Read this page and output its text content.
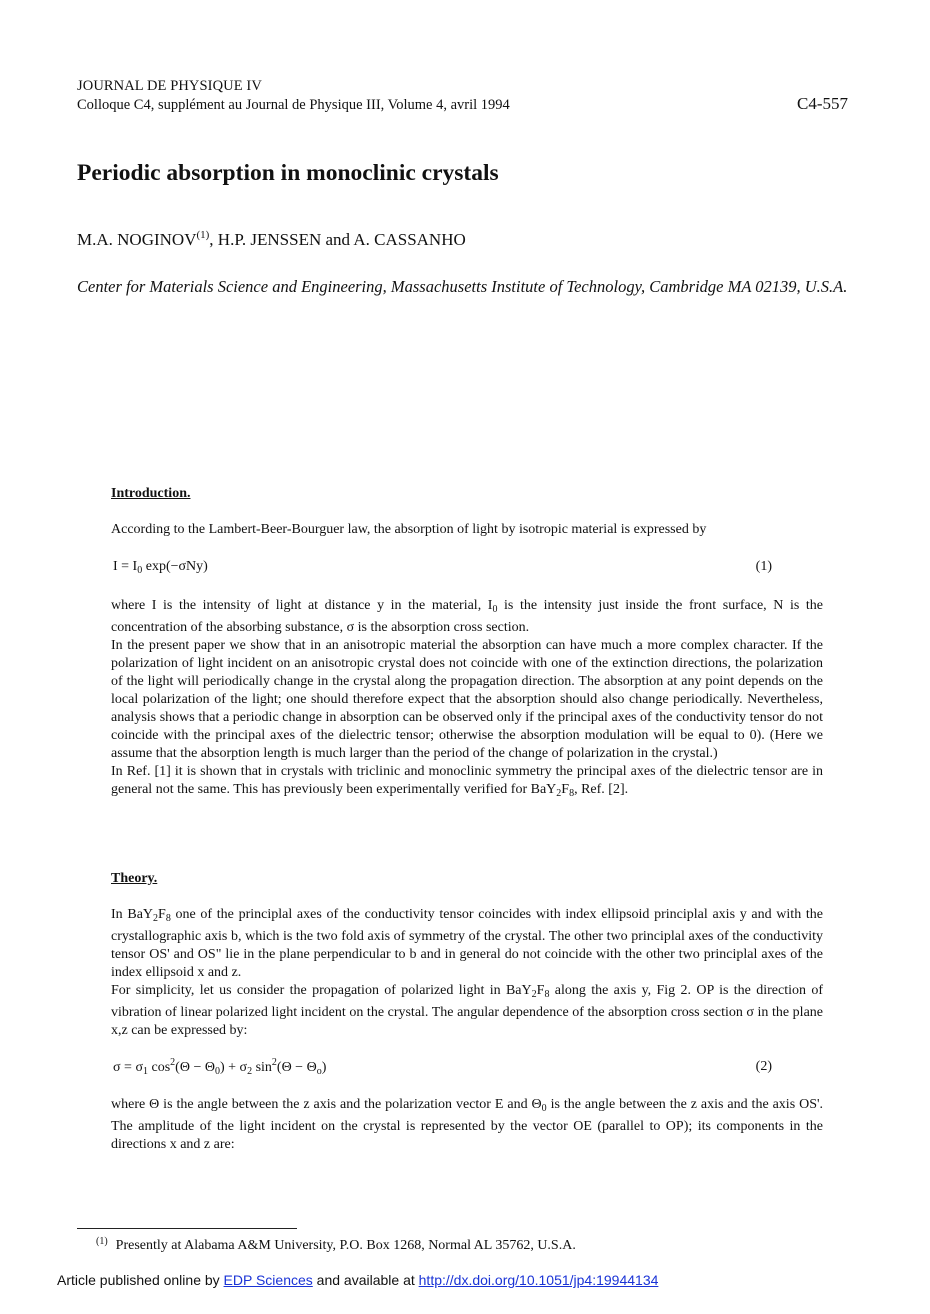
JOURNAL DE PHYSIQUE IV
Colloque C4, supplément au Journal de Physique III, Volume 4, avril 1994	C4-557
Periodic absorption in monoclinic crystals
M.A. NOGINOV$^{(1)}$, H.P. JENSSEN and A. CASSANHO
Center for Materials Science and Engineering, Massachusetts Institute of Technology, Cambridge MA 02139, U.S.A.
Introduction.
According to the Lambert-Beer-Bourguer law, the absorption of light by isotropic material is expressed by
$I = I_0$ exp(−σNy)	(1)

where I is the intensity of light at distance y in the material, $I_0$ is the intensity just inside the front surface, N is the concentration of the absorbing substance, σ is the absorption cross section.

In the present paper we show that in an anisotropic material the absorption can have much a more complex character. If the polarization of light incident on an anisotropic crystal does not coincide with one of the extinction directions, the polarization of the light will periodically change in the crystal along the propagation direction. The absorption at any point depends on the local polarization of the light; one should therefore expect that the absorption should also change periodically. Nevertheless, analysis shows that a periodic change in absorption can be observed only if the principal axes of the conductivity tensor do not coincide with the principal axes of the dielectric tensor; otherwise the absorption modulation will be equal to 0). (Here we assume that the absorption length is much larger than the period of the change of polarization in the crystal.)

In Ref. [1] it is shown that in crystals with triclinic and monoclinic symmetry the principal axes of the dielectric tensor are in general not the same. This has previously been experimentally verified for $BaY_2F_8$, Ref. [2].

Theory.

In $BaY_2F_8$ one of the principlal axes of the conductivity tensor coincides with index ellipsoid principlal axis y and with the crystallographic axis b, which is the two fold axis of symmetry of the crystal. The other two principlal axes of the conductivity tensor OS' and OS" lie in the plane perpendicular to b and in general do not coincide with the other two principlal axes of the index ellipsoid x and z.

For simplicity, let us consider the propagation of polarized light in $BaY_2F_8$ along the axis y, Fig 2. OP is the direction of vibration of linear polarized light incident on the crystal. The angular dependence of the absorption cross section σ in the plane x,z can be expressed by:

$\sigma = \sigma_1$ $\cos^2(\Theta - \Theta_0) + \sigma_2$ $\sin^2(\Theta - \Theta_o)$	(2)
where Θ is the angle between the z axis and the polarization vector E and $\Theta_0$ is the angle between the z axis and the axis OS'. The amplitude of the light incident on the crystal is represented by the vector OE (parallel to OP); its components in the directions x and z are:
$^{(1)}$ Presently at Alabama A&M University, P.O. Box 1268, Normal AL 35762, U.S.A.
Article published online by EDP Sciences and available at http://dx.doi.org/10.1051/jp4:19944134
